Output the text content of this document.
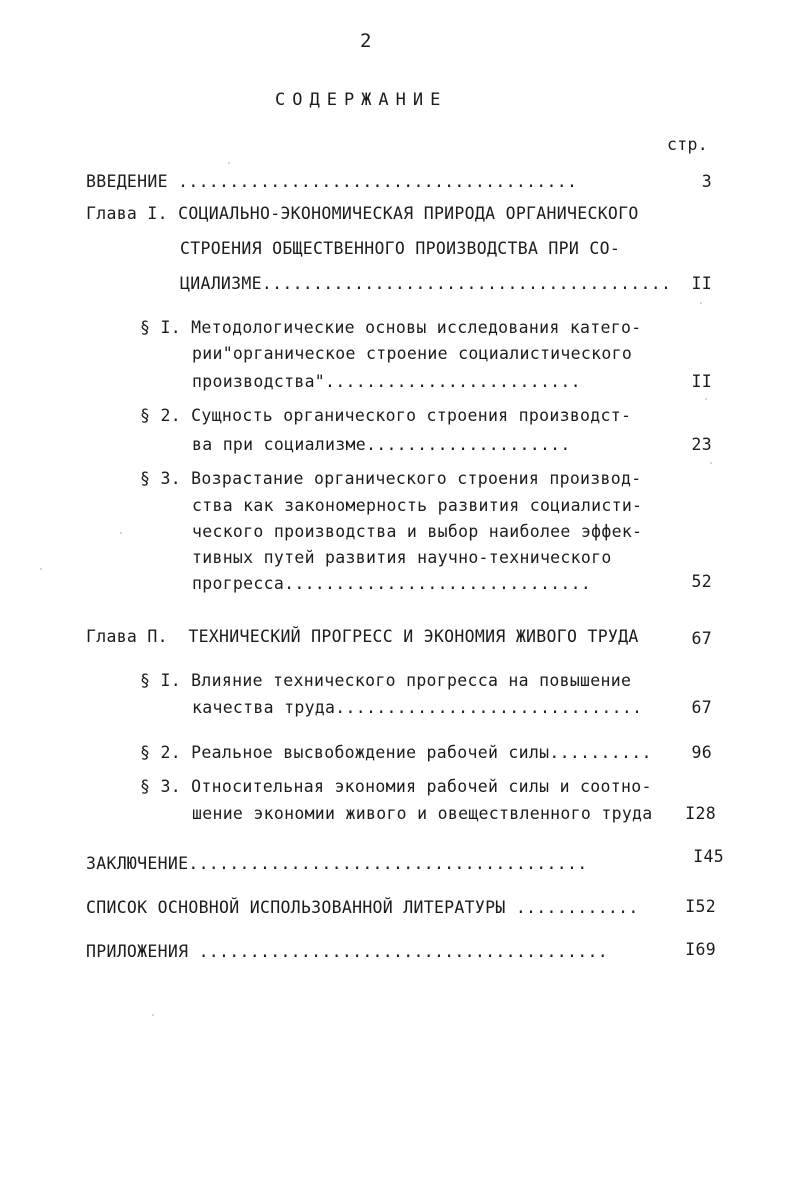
2
СОДЕРЖАНИЕ
стр.
ВВЕДЕНИЕ .......................................	3
Глава I. СОЦИАЛЬНО-ЭКОНОМИЧЕСКАЯ ПРИРОДА ОРГАНИЧЕСКОГО
СТРОЕНИЯ ОБЩЕСТВЕННОГО ПРОИЗВОДСТВА ПРИ СО-
ЦИАЛИЗМЕ........................................	II
§ I. Методологические основы исследования катего-
рии"органическое строение социалистического
производства".........................	II
§ 2. Сущность органического строения производст-
ва при социализме....................	23
§ 3. Возрастание органического строения производ-
ства как закономерность развития социалисти-
ческого производства и выбор наиболее эффек-
тивных путей развития научно-технического
прогресса..............................	52
Глава П.  ТЕХНИЧЕСКИЙ ПРОГРЕСС И ЭКОНОМИЯ ЖИВОГО ТРУДА	67
§ I. Влияние технического прогресса на повышение
качества труда..............................	67
§ 2. Реальное высвобождение рабочей силы..........	96
§ 3. Относительная экономия рабочей силы и соотно-
шение экономии живого и овеществленного труда	I28
ЗАКЛЮЧЕНИЕ.......................................	I45
СПИСОК ОСНОВНОЙ ИСПОЛЬЗОВАННОЙ ЛИТЕРАТУРЫ ............	I52
ПРИЛОЖЕНИЯ ........................................	I69
